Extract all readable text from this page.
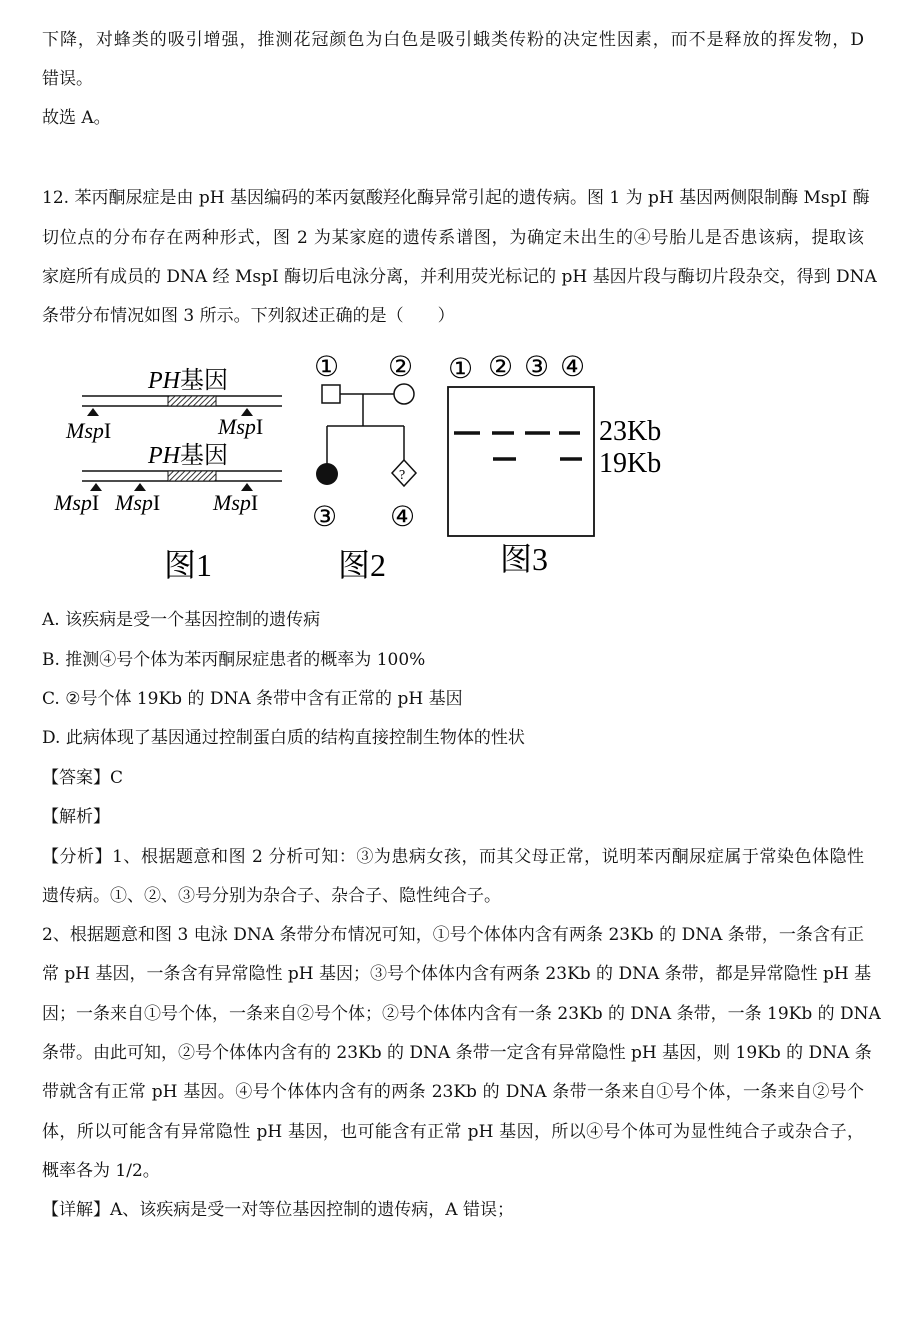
下降，对蜂类的吸引增强，推测花冠颜色为白色是吸引蛾类传粉的决定性因素，而不是释放的挥发物，D
错误。
故选 A。
12. 苯丙酮尿症是由 pH 基因编码的苯丙氨酸羟化酶异常引起的遗传病。图 1 为 pH 基因两侧限制酶 MspI 酶
切位点的分布存在两种形式，图 2 为某家庭的遗传系谱图，为确定未出生的④号胎儿是否患该病，提取该
家庭所有成员的 DNA 经 MspI 酶切后电泳分离，并利用荧光标记的 pH 基因片段与酶切片段杂交，得到 DNA
条带分布情况如图 3 所示。下列叙述正确的是（　　）
PH基因
MspI	MspI
PH基因
MspI MspI MspI
图1
① ②
?
③ ④
图2
① ② ③ ④
23Kb
19Kb
图3
A. 该疾病是受一个基因控制的遗传病
B. 推测④号个体为苯丙酮尿症患者的概率为 100%
C. ②号个体 19Kb 的 DNA 条带中含有正常的 pH 基因
D. 此病体现了基因通过控制蛋白质的结构直接控制生物体的性状
【答案】C
【解析】
【分析】1、根据题意和图 2 分析可知：③为患病女孩，而其父母正常，说明苯丙酮尿症属于常染色体隐性
遗传病。①、②、③号分别为杂合子、杂合子、隐性纯合子。
2、根据题意和图 3 电泳 DNA 条带分布情况可知，①号个体体内含有两条 23Kb 的 DNA 条带，一条含有正
常 pH 基因，一条含有异常隐性 pH 基因；③号个体体内含有两条 23Kb 的 DNA 条带，都是异常隐性 pH 基
因；一条来自①号个体，一条来自②号个体；②号个体体内含有一条 23Kb 的 DNA 条带，一条 19Kb 的 DNA
条带。由此可知，②号个体体内含有的 23Kb 的 DNA 条带一定含有异常隐性 pH 基因，则 19Kb 的 DNA 条
带就含有正常 pH 基因。④号个体体内含有的两条 23Kb 的 DNA 条带一条来自①号个体，一条来自②号个
体，所以可能含有异常隐性 pH 基因，也可能含有正常 pH 基因，所以④号个体可为显性纯合子或杂合子，
概率各为 1/2。
【详解】A、该疾病是受一对等位基因控制的遗传病，A 错误；
